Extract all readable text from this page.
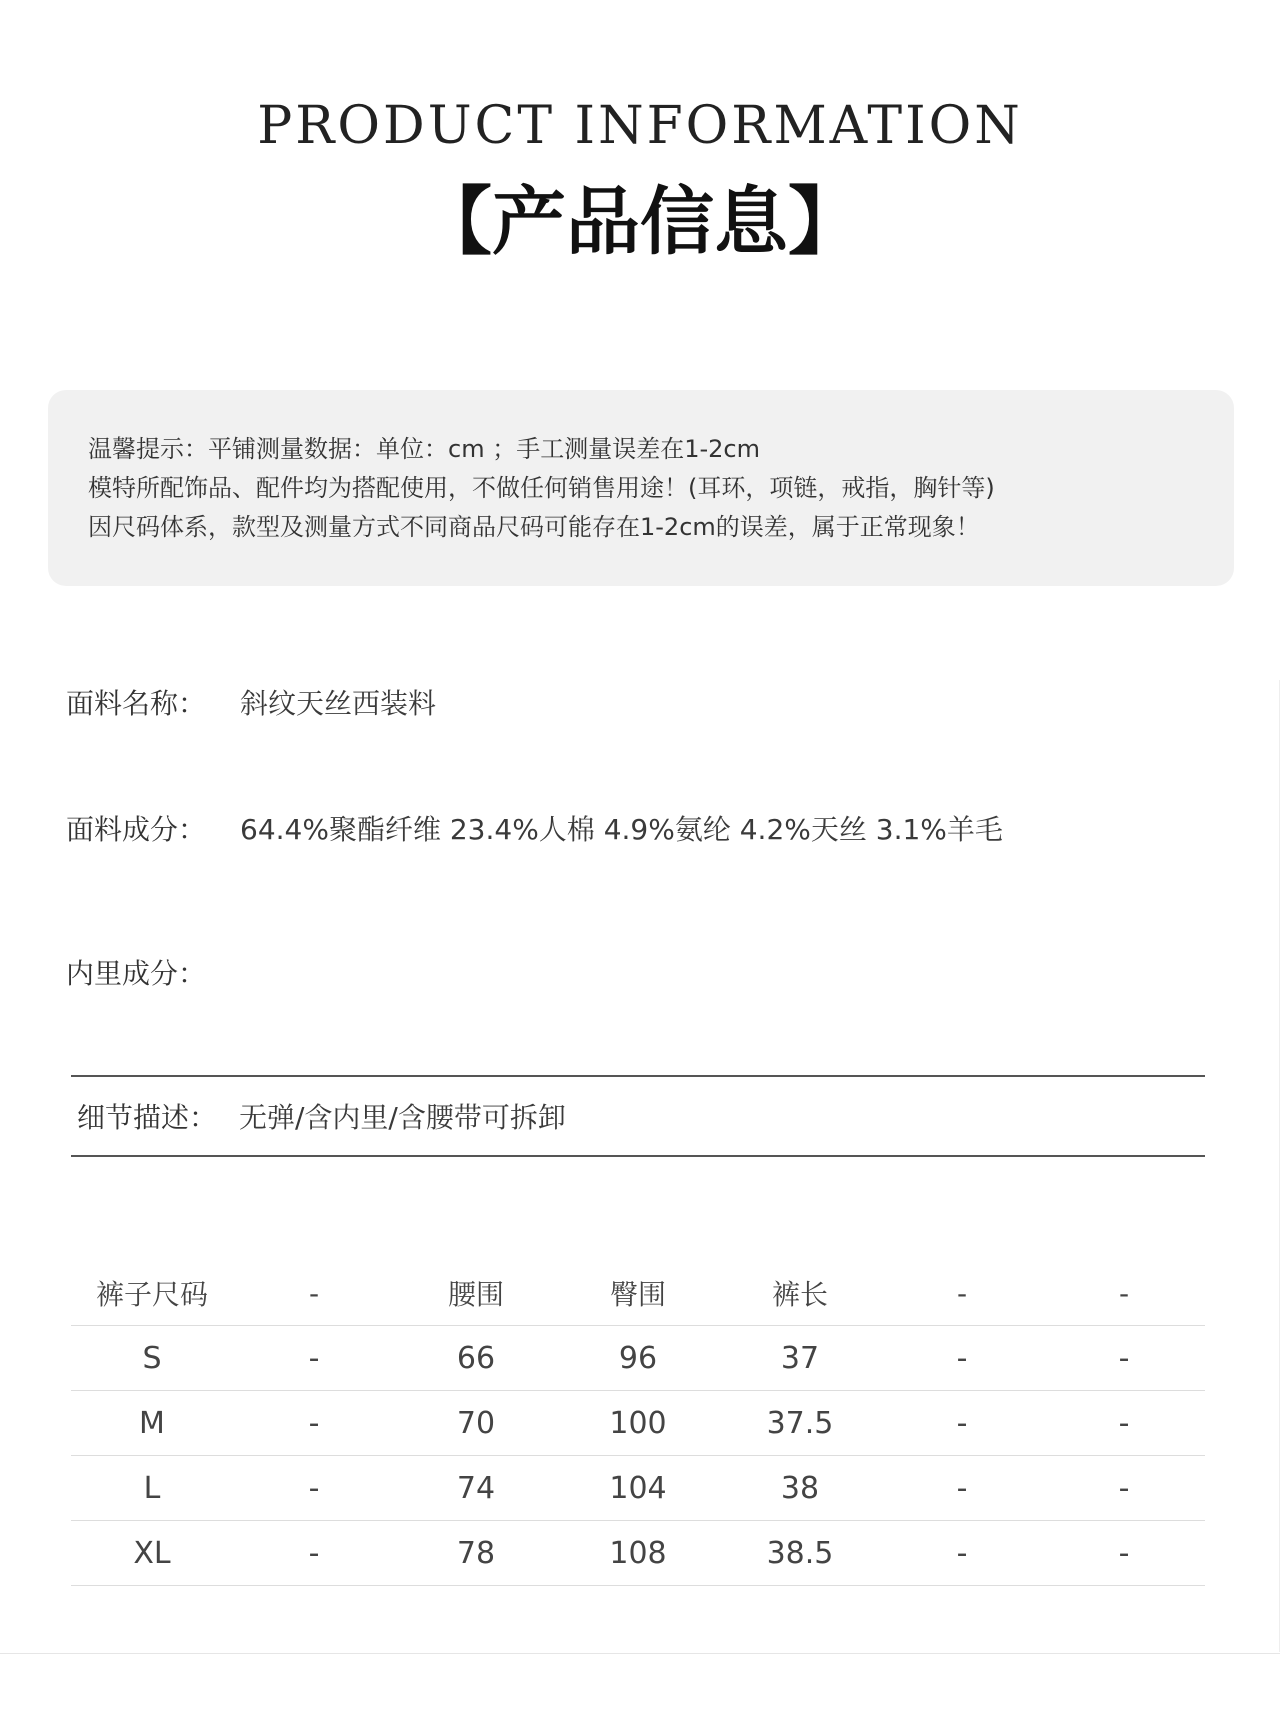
PRODUCT INFORMATION
【产品信息】
温馨提示：平铺测量数据：单位：cm ；手工测量误差在1-2cm
模特所配饰品、配件均为搭配使用，不做任何销售用途！(耳环，项链，戒指，胸针等)
因尺码体系，款型及测量方式不同商品尺码可能存在1-2cm的误差，属于正常现象！
面料名称： 斜纹天丝西装料
面料成分： 64.4%聚酯纤维 23.4%人棉 4.9%氨纶 4.2%天丝 3.1%羊毛
内里成分：
细节描述： 无弹/含内里/含腰带可拆卸
裤子尺码	-	腰围	臀围	裤长	-	-
S	-	66	96	37	-	-
M	-	70	100	37.5	-	-
L	-	74	104	38	-	-
XL	-	78	108	38.5	-	-
